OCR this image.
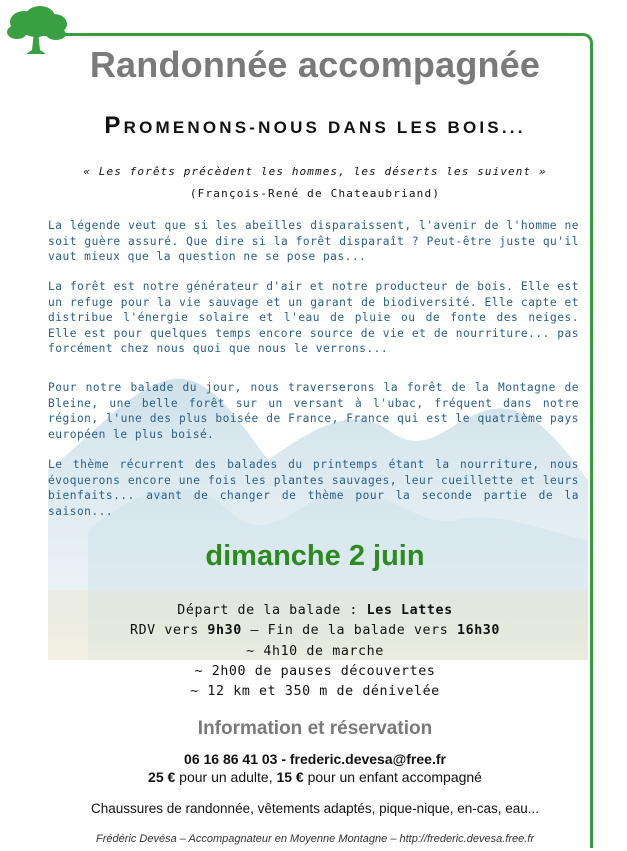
Randonnée accompagnée
PROMENONS-NOUS DANS LES BOIS...
« Les forêts précèdent les hommes, les déserts les suivent »
(François-René de Chateaubriand)
La légende veut que si les abeilles disparaissent, l'avenir de l'homme ne soit guère assuré. Que dire si la forêt disparaît ? Peut-être juste qu'il vaut mieux que la question ne se pose pas...
La forêt est notre générateur d'air et notre producteur de bois. Elle est un refuge pour la vie sauvage et un garant de biodiversité. Elle capte et distribue l'énergie solaire et l'eau de pluie ou de fonte des neiges. Elle est pour quelques temps encore source de vie et de nourriture... pas forcément chez nous quoi que nous le verrons...
Pour notre balade du jour, nous traverserons la forêt de la Montagne de Bleine, une belle forêt sur un versant à l'ubac, fréquent dans notre région, l'une des plus boisée de France, France qui est le quatrième pays européen le plus boisé.
Le thème récurrent des balades du printemps étant la nourriture, nous évoquerons encore une fois les plantes sauvages, leur cueillette et leurs bienfaits... avant de changer de thème pour la seconde partie de la saison...
dimanche 2 juin
Départ de la balade : Les Lattes
RDV vers 9h30 – Fin de la balade vers 16h30
~ 4h10 de marche
~ 2h00 de pauses découvertes
~ 12 km et 350 m de dénivelée
Information et réservation
06 16 86 41 03 - frederic.devesa@free.fr
25 € pour un adulte, 15 € pour un enfant accompagné
Chaussures de randonnée, vêtements adaptés, pique-nique, en-cas, eau...
Frédéric Devésa – Accompagnateur en Moyenne Montagne – http://frederic.devesa.free.fr
